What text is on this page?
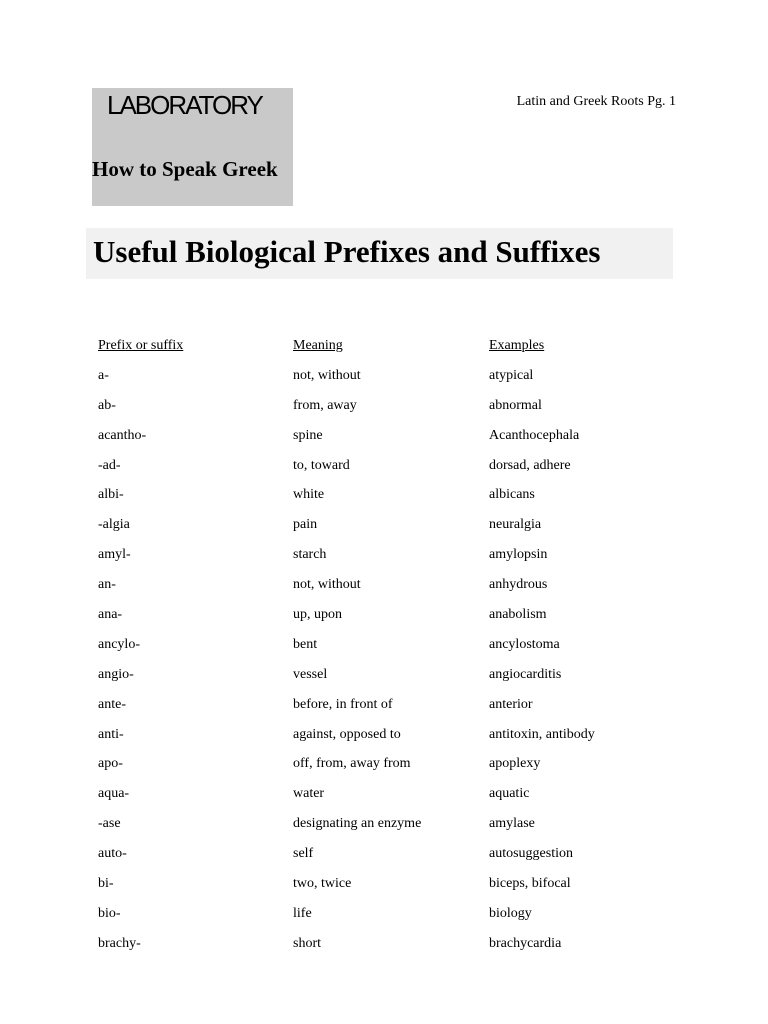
LABORATORY
How to Speak Greek
Latin and Greek Roots Pg. 1
Useful Biological Prefixes and Suffixes
Prefix or suffix	Meaning	Examples
a-	not, without	atypical
ab-	from, away	abnormal
acantho-	spine	Acanthocephala
-ad-	to, toward	dorsad, adhere
albi-	white	albicans
-algia	pain	neuralgia
amyl-	starch	amylopsin
an-	not, without	anhydrous
ana-	up, upon	anabolism
ancylo-	bent	ancylostoma
angio-	vessel	angiocarditis
ante-	before, in front of	anterior
anti-	against, opposed to	antitoxin, antibody
apo-	off, from, away from	apoplexy
aqua-	water	aquatic
-ase	designating an enzyme	amylase
auto-	self	autosuggestion
bi-	two, twice	biceps, bifocal
bio-	life	biology
brachy-	short	brachycardia
